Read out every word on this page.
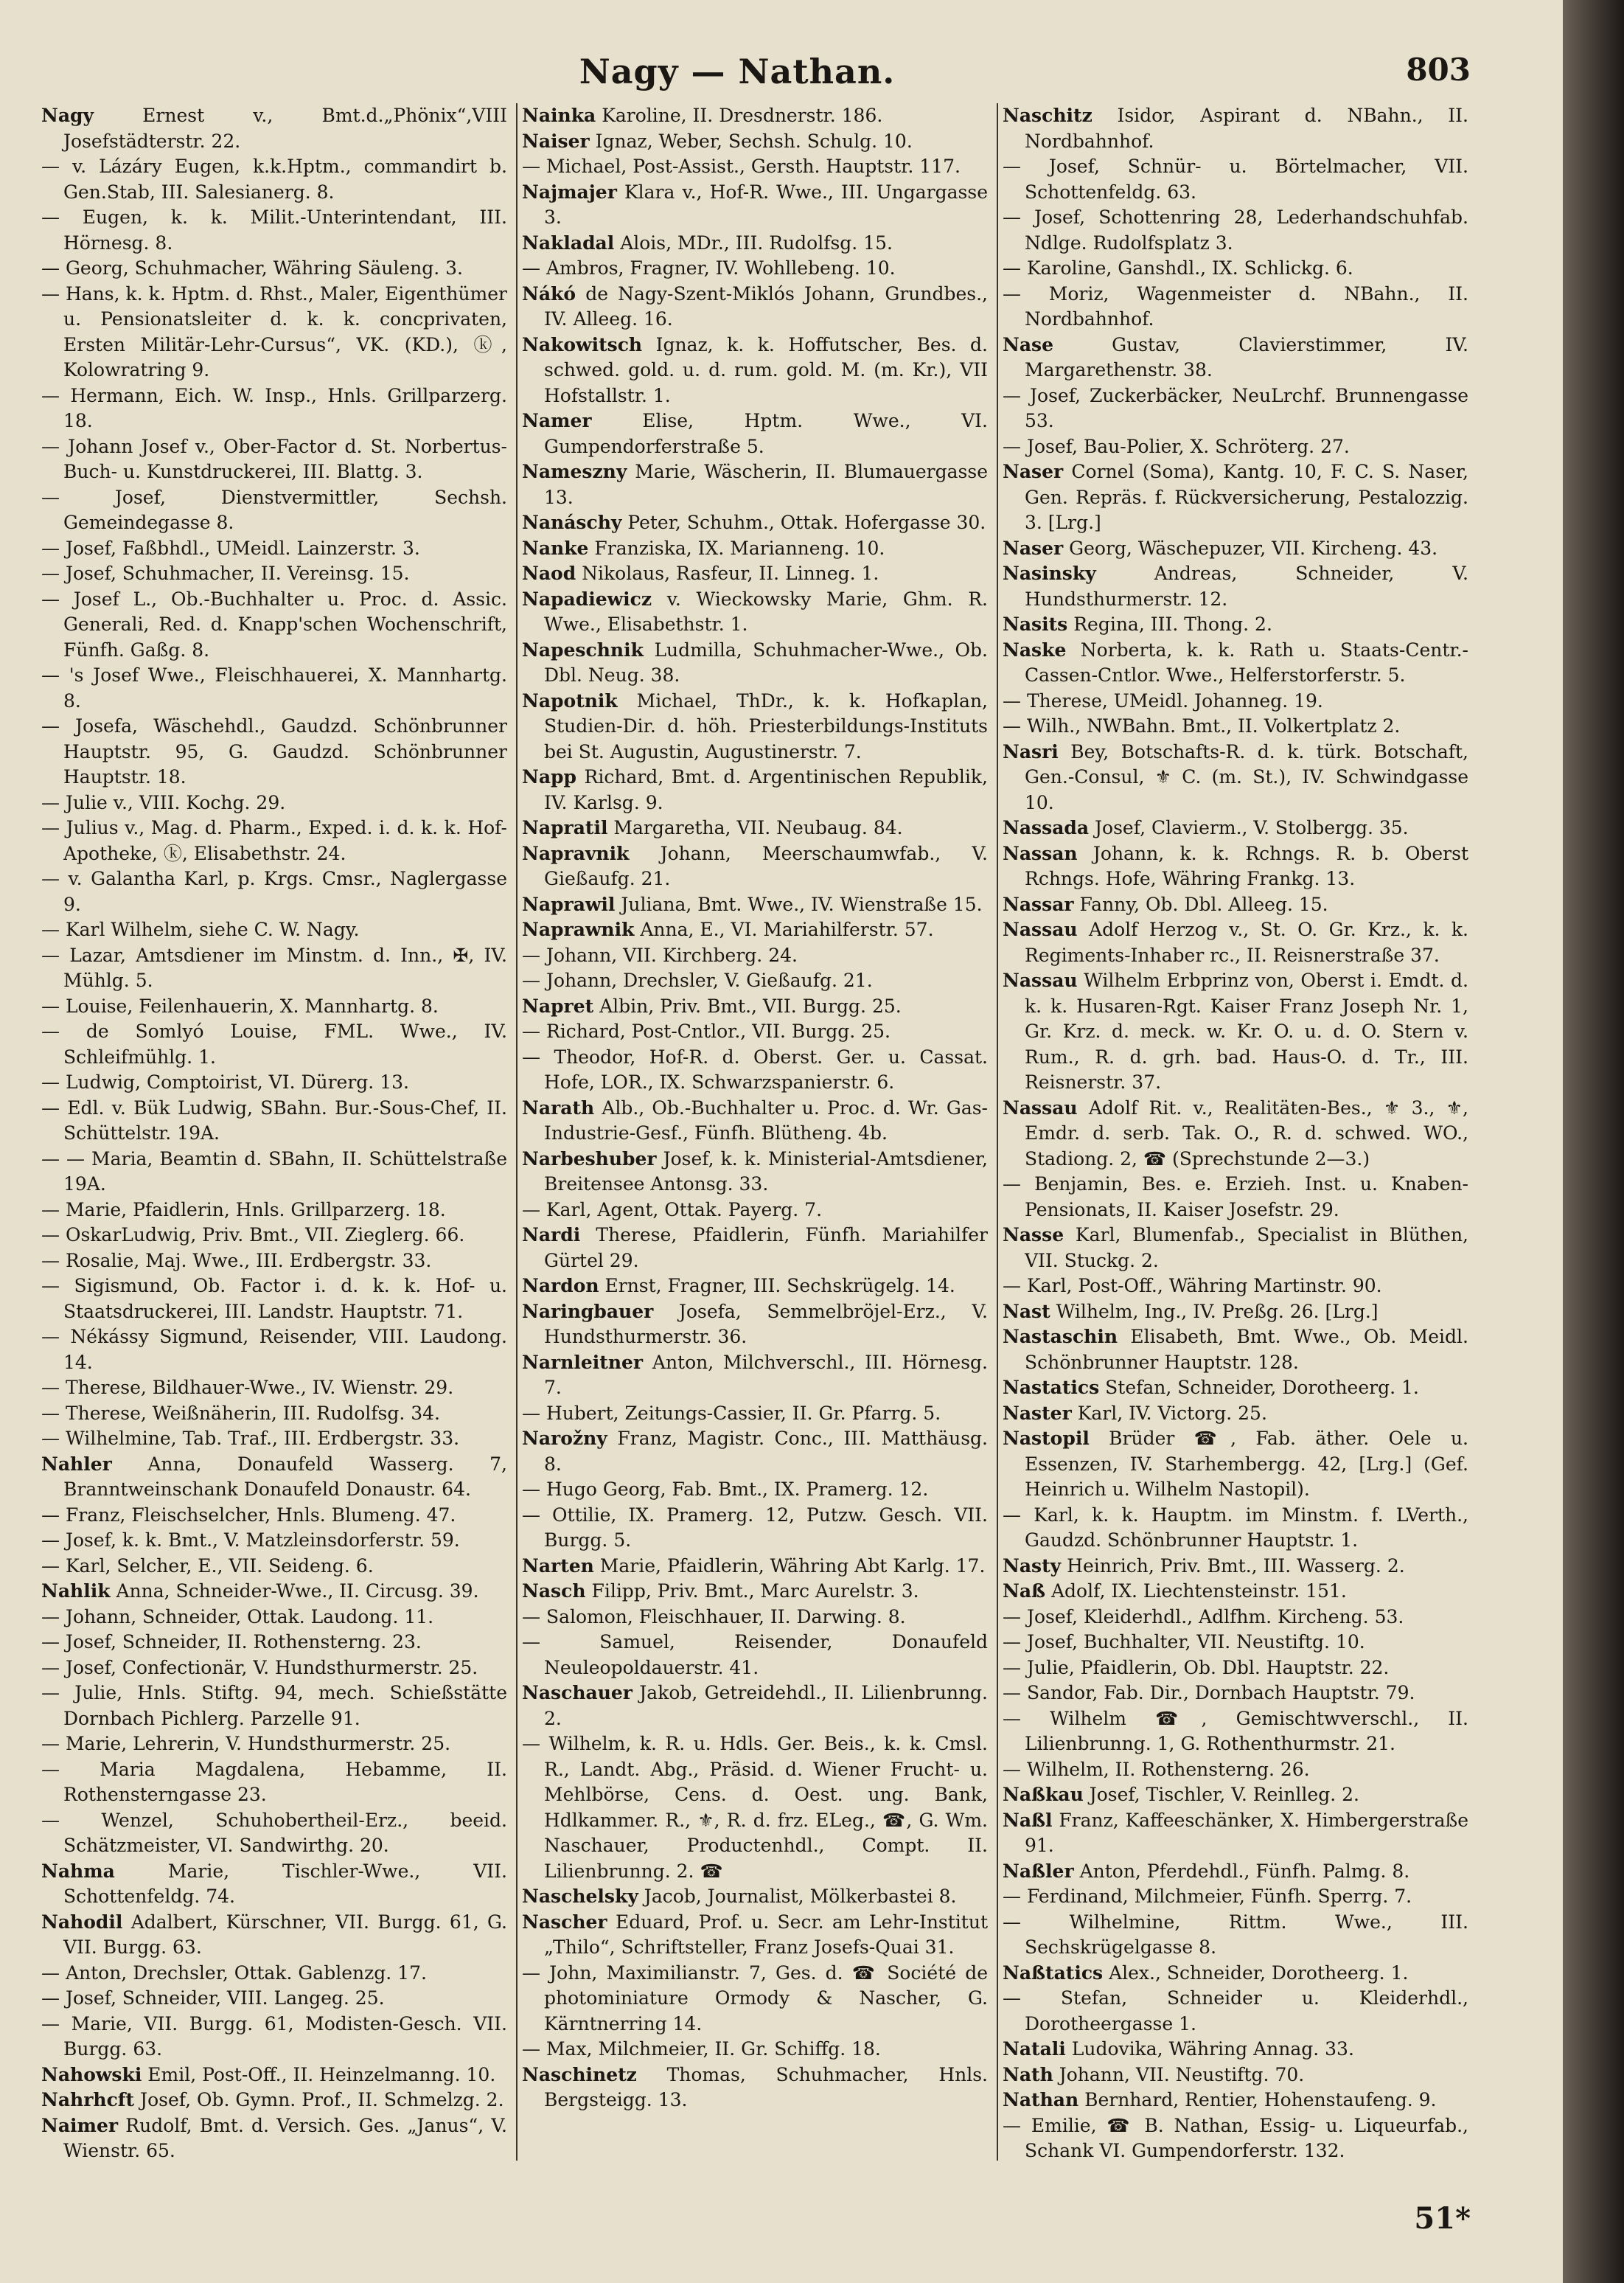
Nagy — Nathan.	803

Nagy Ernest v., Bmt.d.„Phönix“,VIII Josefstädterstr. 22.

— v. Lázáry Eugen, k.k.Hptm., commandirt b. Gen.Stab, III. Salesianerg. 8.

— Eugen, k. k. Milit.-Unterintendant, III. Hörnesg. 8.

— Georg, Schuhmacher, Währing Säuleng. 3.

— Hans, k. k. Hptm. d. Rhst., Maler, Eigenthümer u. Pensionatsleiter d. k. k. concprivaten, Ersten Militär-Lehr-Cursus“, VK. (KD.), ⓚ, Kolowratring 9.

— Hermann, Eich. W. Insp., Hnls. Grillparzerg. 18.

— Johann Josef v., Ober-Factor d. St. Norbertus-Buch- u. Kunstdruckerei, III. Blattg. 3.

— Josef, Dienstvermittler, Sechsh. Gemeindegasse 8.

— Josef, Faßbhdl., UMeidl. Lainzerstr. 3.

— Josef, Schuhmacher, II. Vereinsg. 15.

— Josef L., Ob.-Buchhalter u. Proc. d. Assic. Generali, Red. d. Knapp'schen Wochenschrift, Fünfh. Gaßg. 8.

— 's Josef Wwe., Fleischhauerei, X. Mannhartg. 8.

— Josefa, Wäschehdl., Gaudzd. Schönbrunner Hauptstr. 95, G. Gaudzd. Schönbrunner Hauptstr. 18.

— Julie v., VIII. Kochg. 29.

— Julius v., Mag. d. Pharm., Exped. i. d. k. k. Hof-Apotheke, ⓚ, Elisabethstr. 24.

— v. Galantha Karl, p. Krgs. Cmsr., Naglergasse 9.

— Karl Wilhelm, siehe C. W. Nagy.

— Lazar, Amtsdiener im Minstm. d. Inn., ✠, IV. Mühlg. 5.

— Louise, Feilenhauerin, X. Mannhartg. 8.

— de Somlyó Louise, FML. Wwe., IV. Schleifmühlg. 1.

— Ludwig, Comptoirist, VI. Dürerg. 13.

— Edl. v. Bük Ludwig, SBahn. Bur.-Sous-Chef, II. Schüttelstr. 19A.

— — Maria, Beamtin d. SBahn, II. Schüttelstraße 19A.

— Marie, Pfaidlerin, Hnls. Grillparzerg. 18.

— OskarLudwig, Priv. Bmt., VII. Zieglerg. 66.

— Rosalie, Maj. Wwe., III. Erdbergstr. 33.

— Sigismund, Ob. Factor i. d. k. k. Hof- u. Staatsdruckerei, III. Landstr. Hauptstr. 71.

— Nékássy Sigmund, Reisender, VIII. Laudong. 14.

— Therese, Bildhauer-Wwe., IV. Wienstr. 29.

— Therese, Weißnäherin, III. Rudolfsg. 34.

— Wilhelmine, Tab. Traf., III. Erdbergstr. 33.

Nahler Anna, Donaufeld Wasserg. 7, Branntweinschank Donaufeld Donaustr. 64.

— Franz, Fleischselcher, Hnls. Blumeng. 47.

— Josef, k. k. Bmt., V. Matzleinsdorferstr. 59.

— Karl, Selcher, E., VII. Seideng. 6.

Nahlik Anna, Schneider-Wwe., II. Circusg. 39.

— Johann, Schneider, Ottak. Laudong. 11.

— Josef, Schneider, II. Rothensterng. 23.

— Josef, Confectionär, V. Hundsthurmerstr. 25.

— Julie, Hnls. Stiftg. 94, mech. Schießstätte Dornbach Pichlerg. Parzelle 91.

— Marie, Lehrerin, V. Hundsthurmerstr. 25.

— Maria Magdalena, Hebamme, II. Rothensterngasse 23.

— Wenzel, Schuhobertheil-Erz., beeid. Schätzmeister, VI. Sandwirthg. 20.

Nahma Marie, Tischler-Wwe., VII. Schottenfeldg. 74.

Nahodil Adalbert, Kürschner, VII. Burgg. 61, G. VII. Burgg. 63.

— Anton, Drechsler, Ottak. Gablenzg. 17.

— Josef, Schneider, VIII. Langeg. 25.

— Marie, VII. Burgg. 61, Modisten-Gesch. VII. Burgg. 63.

Nahowski Emil, Post-Off., II. Heinzelmanng. 10.

Nahrhcft Josef, Ob. Gymn. Prof., II. Schmelzg. 2.

Naimer Rudolf, Bmt. d. Versich. Ges. „Janus“, V. Wienstr. 65.

Nainka Karoline, II. Dresdnerstr. 186.

Naiser Ignaz, Weber, Sechsh. Schulg. 10.

— Michael, Post-Assist., Gersth. Hauptstr. 117.

Najmajer Klara v., Hof-R. Wwe., III. Ungargasse 3.

Nakladal Alois, MDr., III. Rudolfsg. 15.

— Ambros, Fragner, IV. Wohllebeng. 10.

Nákó de Nagy-Szent-Miklós Johann, Grundbes., IV. Alleeg. 16.

Nakowitsch Ignaz, k. k. Hoffutscher, Bes. d. schwed. gold. u. d. rum. gold. M. (m. Kr.), VII Hofstallstr. 1.

Namer Elise, Hptm. Wwe., VI. Gumpendorferstraße 5.

Nameszny Marie, Wäscherin, II. Blumauergasse 13.

Nanáschy Peter, Schuhm., Ottak. Hofergasse 30.

Nanke Franziska, IX. Marianneng. 10.

Naod Nikolaus, Rasfeur, II. Linneg. 1.

Napadiewicz v. Wieckowsky Marie, Ghm. R. Wwe., Elisabethstr. 1.

Napeschnik Ludmilla, Schuhmacher-Wwe., Ob. Dbl. Neug. 38.

Napotnik Michael, ThDr., k. k. Hofkaplan, Studien-Dir. d. höh. Priesterbildungs-Instituts bei St. Augustin, Augustinerstr. 7.

Napp Richard, Bmt. d. Argentinischen Republik, IV. Karlsg. 9.

Napratil Margaretha, VII. Neubaug. 84.

Napravnik Johann, Meerschaumwfab., V. Gießaufg. 21.

Naprawil Juliana, Bmt. Wwe., IV. Wienstraße 15.

Naprawnik Anna, E., VI. Mariahilferstr. 57.

— Johann, VII. Kirchberg. 24.

— Johann, Drechsler, V. Gießaufg. 21.

Napret Albin, Priv. Bmt., VII. Burgg. 25.

— Richard, Post-Cntlor., VII. Burgg. 25.

— Theodor, Hof-R. d. Oberst. Ger. u. Cassat. Hofe, LOR., IX. Schwarzspanierstr. 6.

Narath Alb., Ob.-Buchhalter u. Proc. d. Wr. Gas-Industrie-Gesf., Fünfh. Blütheng. 4b.

Narbeshuber Josef, k. k. Ministerial-Amtsdiener, Breitensee Antonsg. 33.

— Karl, Agent, Ottak. Payerg. 7.

Nardi Therese, Pfaidlerin, Fünfh. Mariahilfer Gürtel 29.

Nardon Ernst, Fragner, III. Sechskrügelg. 14.

Naringbauer Josefa, Semmelbröjel-Erz., V. Hundsthurmerstr. 36.

Narnleitner Anton, Milchverschl., III. Hörnesg. 7.

— Hubert, Zeitungs-Cassier, II. Gr. Pfarrg. 5.

Narožny Franz, Magistr. Conc., III. Matthäusg. 8.

— Hugo Georg, Fab. Bmt., IX. Pramerg. 12.

— Ottilie, IX. Pramerg. 12, Putzw. Gesch. VII. Burgg. 5.

Narten Marie, Pfaidlerin, Währing Abt Karlg. 17.

Nasch Filipp, Priv. Bmt., Marc Aurelstr. 3.

— Salomon, Fleischhauer, II. Darwing. 8.

— Samuel, Reisender, Donaufeld Neuleopoldauerstr. 41.

Naschauer Jakob, Getreidehdl., II. Lilienbrunng. 2.

— Wilhelm, k. R. u. Hdls. Ger. Beis., k. k. Cmsl. R., Landt. Abg., Präsid. d. Wiener Frucht- u. Mehlbörse, Cens. d. Oest. ung. Bank, Hdlkammer. R., ⚜, R. d. frz. ELeg., ☎, G. Wm. Naschauer, Productenhdl., Compt. II. Lilienbrunng. 2. ☎

Naschelsky Jacob, Journalist, Mölkerbastei 8.

Nascher Eduard, Prof. u. Secr. am Lehr-Institut „Thilo“, Schriftsteller, Franz Josefs-Quai 31.

— John, Maximilianstr. 7, Ges. d. ☎ Société de photominiature Ormody & Nascher, G. Kärntnerring 14.

— Max, Milchmeier, II. Gr. Schiffg. 18.

Naschinetz Thomas, Schuhmacher, Hnls. Bergsteigg. 13.

Naschitz Isidor, Aspirant d. NBahn., II. Nordbahnhof.

— Josef, Schnür- u. Börtelmacher, VII. Schottenfeldg. 63.

— Josef, Schottenring 28, Lederhandschuhfab. Ndlge. Rudolfsplatz 3.

— Karoline, Ganshdl., IX. Schlickg. 6.

— Moriz, Wagenmeister d. NBahn., II. Nordbahnhof.

Nase Gustav, Clavierstimmer, IV. Margarethenstr. 38.

— Josef, Zuckerbäcker, NeuLrchf. Brunnengasse 53.

— Josef, Bau-Polier, X. Schröterg. 27.

Naser Cornel (Soma), Kantg. 10, F. C. S. Naser, Gen. Repräs. f. Rückversicherung, Pestalozzig. 3. [Lrg.]

Naser Georg, Wäschepuzer, VII. Kircheng. 43.

Nasinsky Andreas, Schneider, V. Hundsthurmerstr. 12.

Nasits Regina, III. Thong. 2.

Naske Norberta, k. k. Rath u. Staats-Centr.-Cassen-Cntlor. Wwe., Helferstorferstr. 5.

— Therese, UMeidl. Johanneg. 19.

— Wilh., NWBahn. Bmt., II. Volkertplatz 2.

Nasri Bey, Botschafts-R. d. k. türk. Botschaft, Gen.-Consul, ⚜ C. (m. St.), IV. Schwindgasse 10.

Nassada Josef, Clavierm., V. Stolbergg. 35.

Nassan Johann, k. k. Rchngs. R. b. Oberst Rchngs. Hofe, Währing Frankg. 13.

Nassar Fanny, Ob. Dbl. Alleeg. 15.

Nassau Adolf Herzog v., St. O. Gr. Krz., k. k. Regiments-Inhaber rc., II. Reisnerstraße 37.

Nassau Wilhelm Erbprinz von, Oberst i. Emdt. d. k. k. Husaren-Rgt. Kaiser Franz Joseph Nr. 1, Gr. Krz. d. meck. w. Kr. O. u. d. O. Stern v. Rum., R. d. grh. bad. Haus-O. d. Tr., III. Reisnerstr. 37.

Nassau Adolf Rit. v., Realitäten-Bes., ⚜ 3., ⚜, Emdr. d. serb. Tak. O., R. d. schwed. WO., Stadiong. 2, ☎ (Sprechstunde 2—3.)

— Benjamin, Bes. e. Erzieh. Inst. u. Knaben-Pensionats, II. Kaiser Josefstr. 29.

Nasse Karl, Blumenfab., Specialist in Blüthen, VII. Stuckg. 2.

— Karl, Post-Off., Währing Martinstr. 90.

Nast Wilhelm, Ing., IV. Preßg. 26. [Lrg.]

Nastaschin Elisabeth, Bmt. Wwe., Ob. Meidl. Schönbrunner Hauptstr. 128.

Nastatics Stefan, Schneider, Dorotheerg. 1.

Naster Karl, IV. Victorg. 25.

Nastopil Brüder ☎, Fab. äther. Oele u. Essenzen, IV. Starhembergg. 42, [Lrg.] (Gef. Heinrich u. Wilhelm Nastopil).

— Karl, k. k. Hauptm. im Minstm. f. LVerth., Gaudzd. Schönbrunner Hauptstr. 1.

Nasty Heinrich, Priv. Bmt., III. Wasserg. 2.

Naß Adolf, IX. Liechtensteinstr. 151.

— Josef, Kleiderhdl., Adlfhm. Kircheng. 53.

— Josef, Buchhalter, VII. Neustiftg. 10.

— Julie, Pfaidlerin, Ob. Dbl. Hauptstr. 22.

— Sandor, Fab. Dir., Dornbach Hauptstr. 79.

— Wilhelm ☎, Gemischtwverschl., II. Lilienbrunng. 1, G. Rothenthurmstr. 21.

— Wilhelm, II. Rothensterng. 26.

Naßkau Josef, Tischler, V. Reinlleg. 2.

Naßl Franz, Kaffeeschänker, X. Himbergerstraße 91.

Naßler Anton, Pferdehdl., Fünfh. Palmg. 8.

— Ferdinand, Milchmeier, Fünfh. Sperrg. 7.

— Wilhelmine, Rittm. Wwe., III. Sechskrügelgasse 8.

Naßtatics Alex., Schneider, Dorotheerg. 1.

— Stefan, Schneider u. Kleiderhdl., Dorotheergasse 1.

Natali Ludovika, Währing Annag. 33.

Nath Johann, VII. Neustiftg. 70.

Nathan Bernhard, Rentier, Hohenstaufeng. 9.

— Emilie, ☎ B. Nathan, Essig- u. Liqueurfab., Schank VI. Gumpendorferstr. 132.

51*
